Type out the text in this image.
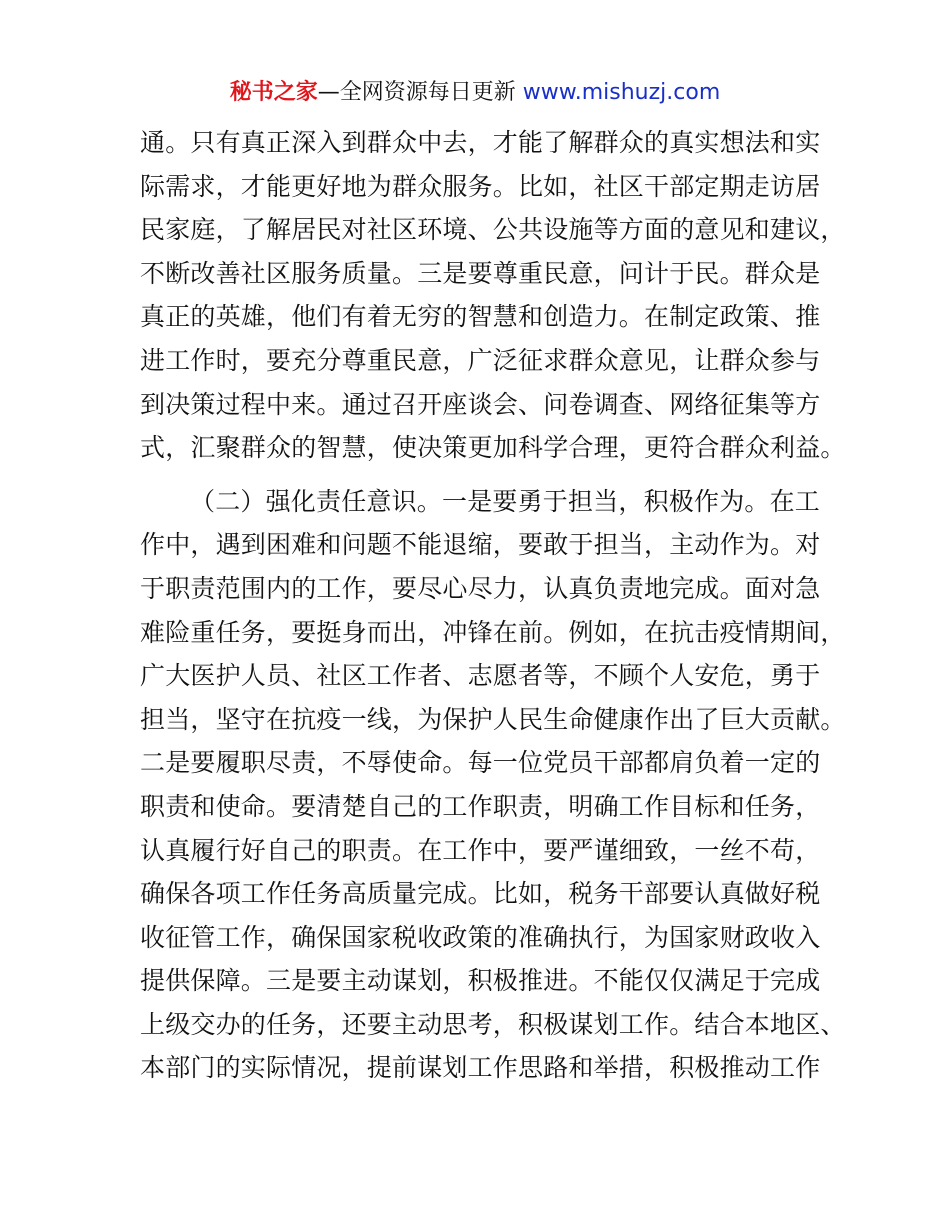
秘书之家—全网资源每日更新 www.mishuzj.com
通。只有真正深入到群众中去，才能了解群众的真实想法和实
际需求，才能更好地为群众服务。比如，社区干部定期走访居
民家庭，了解居民对社区环境、公共设施等方面的意见和建议，
不断改善社区服务质量。三是要尊重民意，问计于民。群众是
真正的英雄，他们有着无穷的智慧和创造力。在制定政策、推
进工作时，要充分尊重民意，广泛征求群众意见，让群众参与
到决策过程中来。通过召开座谈会、问卷调查、网络征集等方
式，汇聚群众的智慧，使决策更加科学合理，更符合群众利益。
（二）强化责任意识。一是要勇于担当，积极作为。在工
作中，遇到困难和问题不能退缩，要敢于担当，主动作为。对
于职责范围内的工作，要尽心尽力，认真负责地完成。面对急
难险重任务，要挺身而出，冲锋在前。例如，在抗击疫情期间，
广大医护人员、社区工作者、志愿者等，不顾个人安危，勇于
担当，坚守在抗疫一线，为保护人民生命健康作出了巨大贡献。
二是要履职尽责，不辱使命。每一位党员干部都肩负着一定的
职责和使命。要清楚自己的工作职责，明确工作目标和任务，
认真履行好自己的职责。在工作中，要严谨细致，一丝不苟，
确保各项工作任务高质量完成。比如，税务干部要认真做好税
收征管工作，确保国家税收政策的准确执行，为国家财政收入
提供保障。三是要主动谋划，积极推进。不能仅仅满足于完成
上级交办的任务，还要主动思考，积极谋划工作。结合本地区、
本部门的实际情况，提前谋划工作思路和举措，积极推动工作
